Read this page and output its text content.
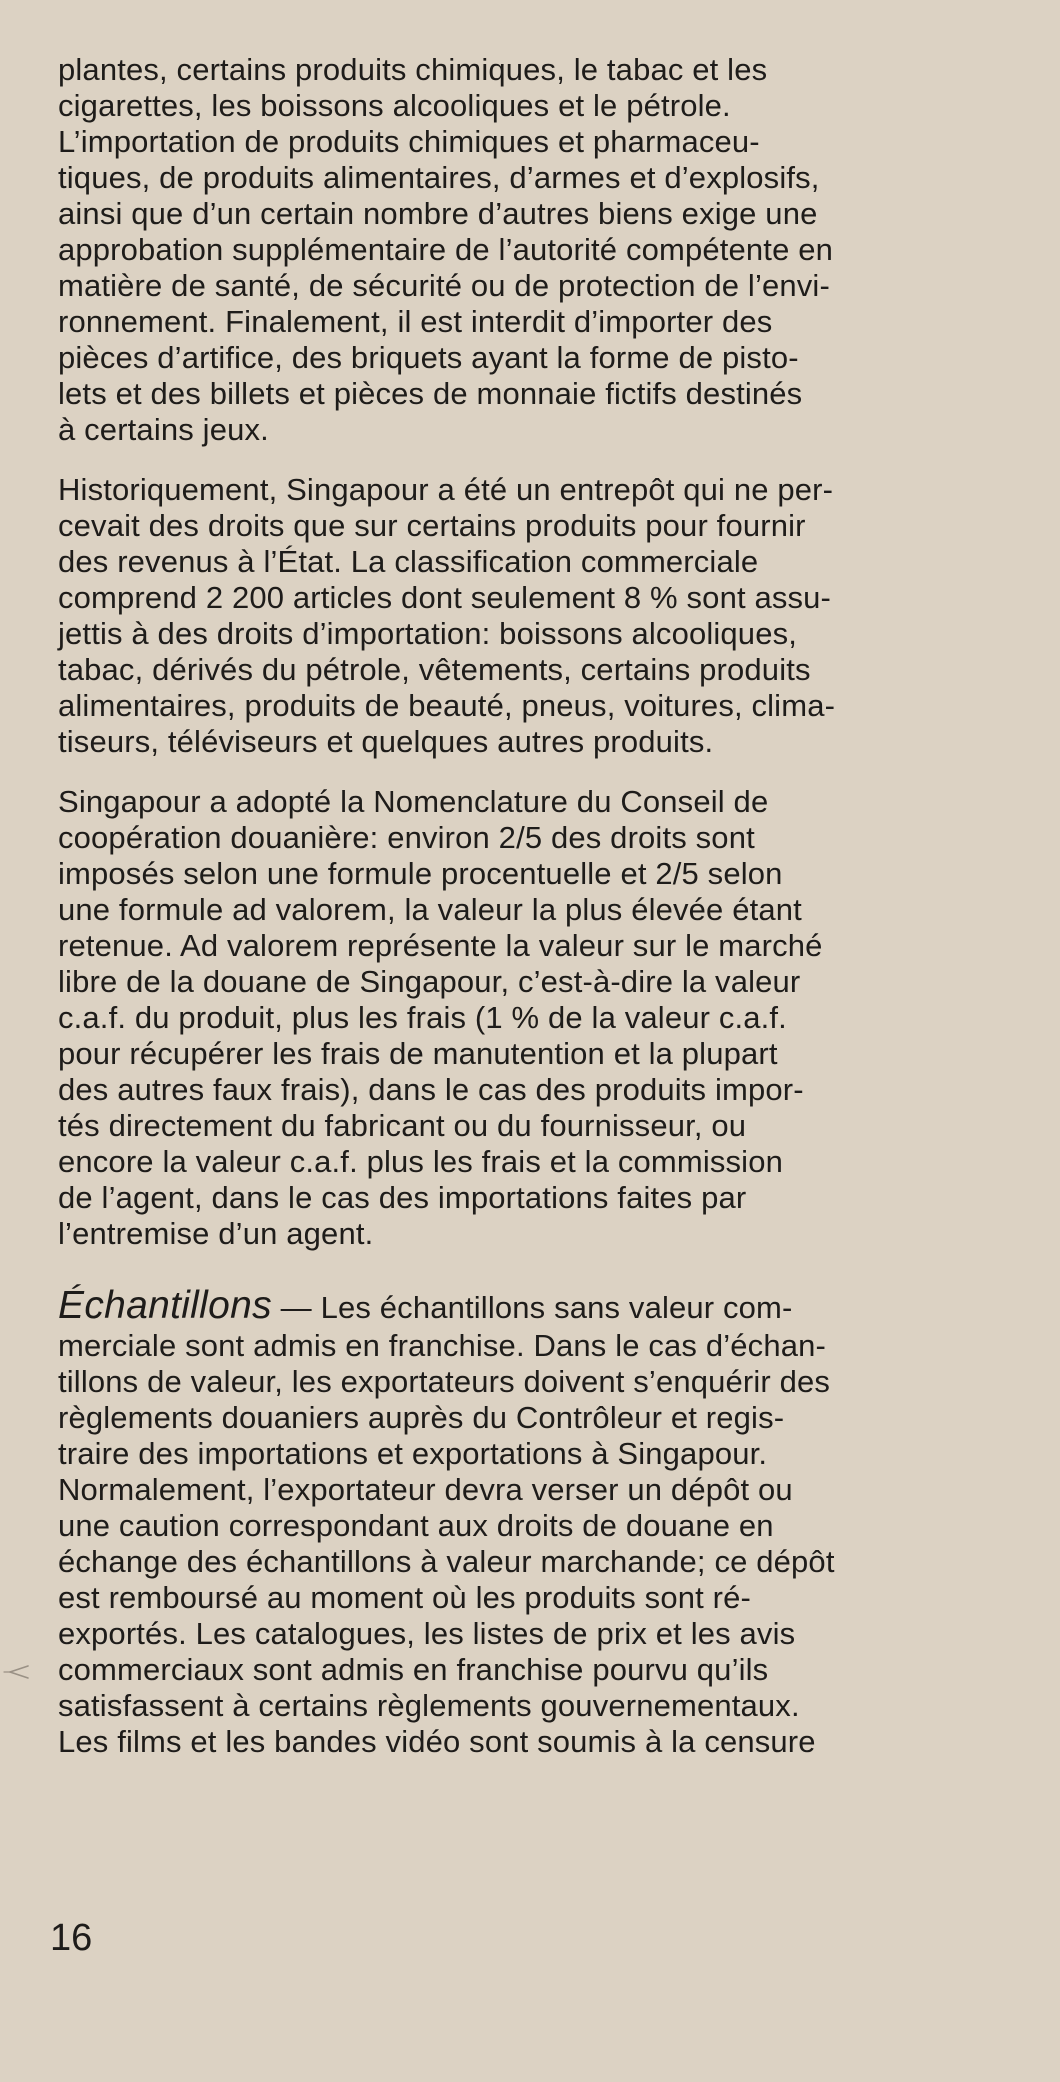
plantes, certains produits chimiques, le tabac et les
cigarettes, les boissons alcooliques et le pétrole.
L’importation de produits chimiques et pharmaceu-
tiques, de produits alimentaires, d’armes et d’explosifs,
ainsi que d’un certain nombre d’autres biens exige une
approbation supplémentaire de l’autorité compétente en
matière de santé, de sécurité ou de protection de l’envi-
ronnement. Finalement, il est interdit d’importer des
pièces d’artifice, des briquets ayant la forme de pisto-
lets et des billets et pièces de monnaie fictifs destinés
à certains jeux.

Historiquement, Singapour a été un entrepôt qui ne per-
cevait des droits que sur certains produits pour fournir
des revenus à l’État. La classification commerciale
comprend 2 200 articles dont seulement 8 % sont assu-
jettis à des droits d’importation: boissons alcooliques,
tabac, dérivés du pétrole, vêtements, certains produits
alimentaires, produits de beauté, pneus, voitures, clima-
tiseurs, téléviseurs et quelques autres produits.

Singapour a adopté la Nomenclature du Conseil de
coopération douanière: environ 2/5 des droits sont
imposés selon une formule procentuelle et 2/5 selon
une formule ad valorem, la valeur la plus élevée étant
retenue. Ad valorem représente la valeur sur le marché
libre de la douane de Singapour, c’est-à-dire la valeur
c.a.f. du produit, plus les frais (1 % de la valeur c.a.f.
pour récupérer les frais de manutention et la plupart
des autres faux frais), dans le cas des produits impor-
tés directement du fabricant ou du fournisseur, ou
encore la valeur c.a.f. plus les frais et la commission
de l’agent, dans le cas des importations faites par
l’entremise d’un agent.

Échantillons — Les échantillons sans valeur com-
merciale sont admis en franchise. Dans le cas d’échan-
tillons de valeur, les exportateurs doivent s’enquérir des
règlements douaniers auprès du Contrôleur et regis-
traire des importations et exportations à Singapour.
Normalement, l’exportateur devra verser un dépôt ou
une caution correspondant aux droits de douane en
échange des échantillons à valeur marchande; ce dépôt
est remboursé au moment où les produits sont ré-
exportés. Les catalogues, les listes de prix et les avis
commerciaux sont admis en franchise pourvu qu’ils
satisfassent à certains règlements gouvernementaux.
Les films et les bandes vidéo sont soumis à la censure

16
